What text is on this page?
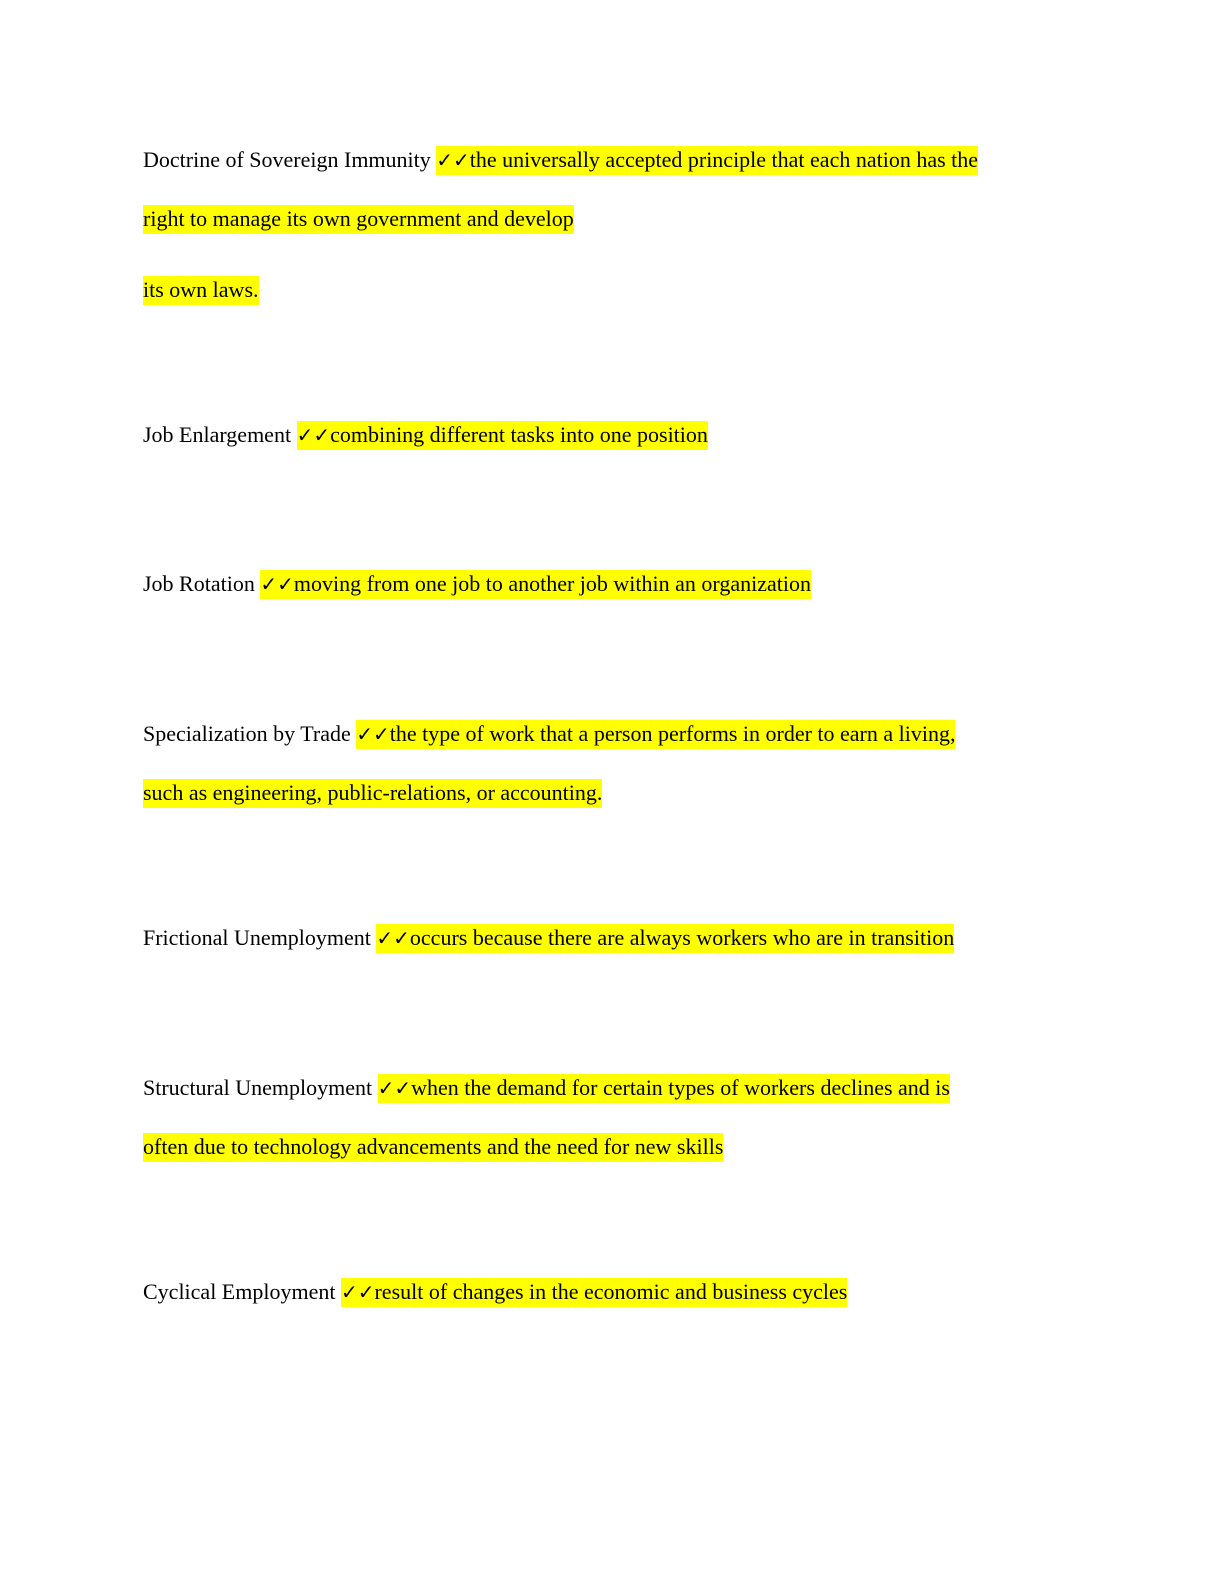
Doctrine of Sovereign Immunity ✓✓the universally accepted principle that each nation has the
right to manage its own government and develop
its own laws.
Job Enlargement ✓✓combining different tasks into one position
Job Rotation ✓✓moving from one job to another job within an organization
Specialization by Trade ✓✓the type of work that a person performs in order to earn a living,
such as engineering, public-relations, or accounting.
Frictional Unemployment ✓✓occurs because there are always workers who are in transition
Structural Unemployment ✓✓when the demand for certain types of workers declines and is
often due to technology advancements and the need for new skills
Cyclical Employment ✓✓result of changes in the economic and business cycles
